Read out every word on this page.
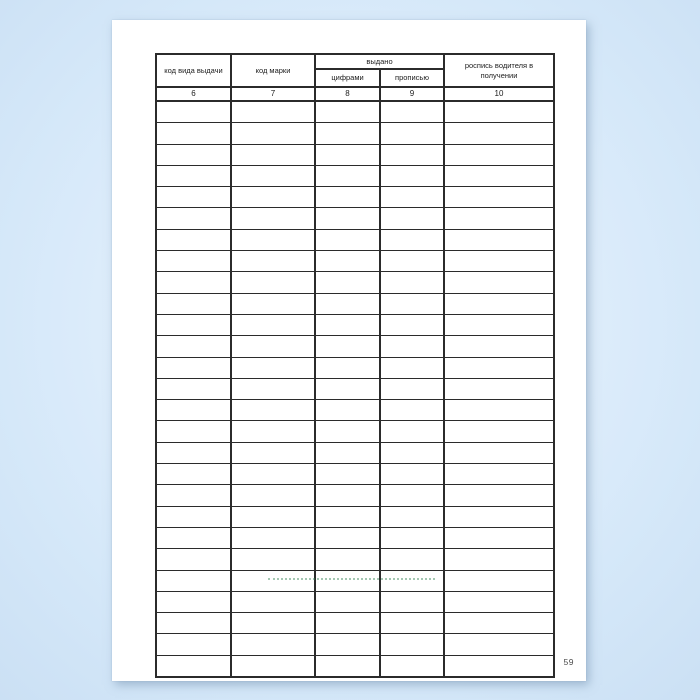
код вида выдачи	код марки	выдано		роспись водителя в получении
		цифрами	прописью	
6	7	8	9	10

59
